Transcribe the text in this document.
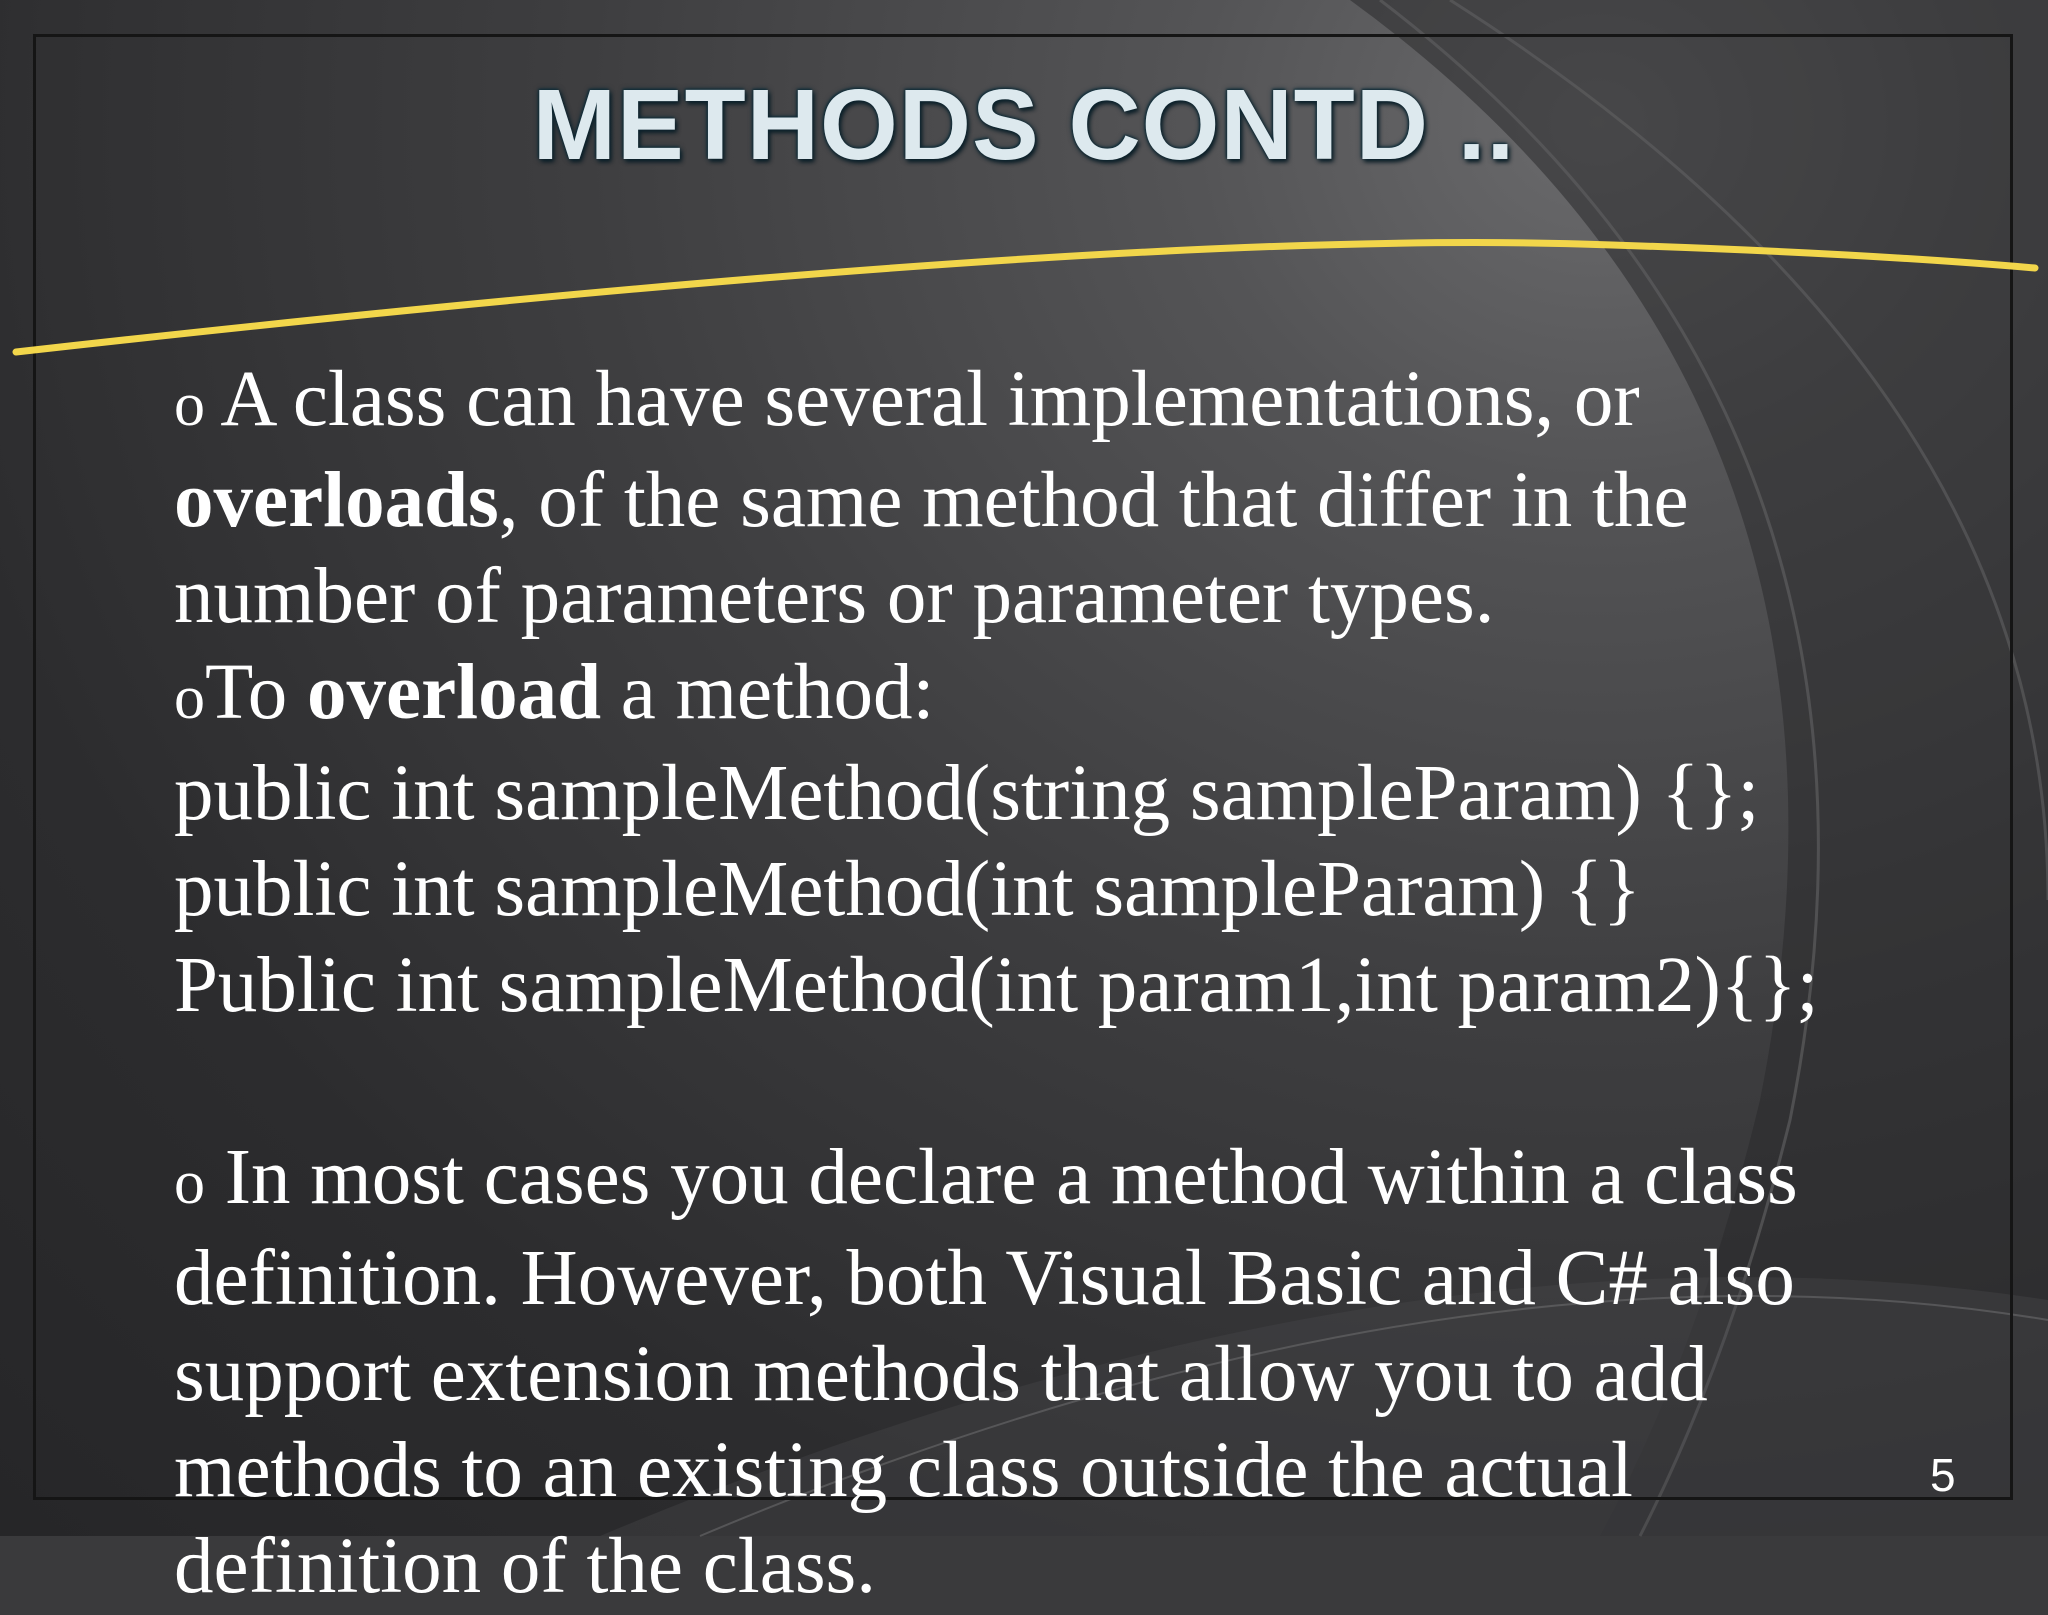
METHODS CONTD ..
o A class can have several implementations, or
overloads, of the same method that differ in the
number of parameters or parameter types.
oTo overload a method:
public int sampleMethod(string sampleParam) {};
public int sampleMethod(int sampleParam) {}
Public int sampleMethod(int param1,int param2){};
o In most cases you declare a method within a class
definition. However, both Visual Basic and C# also
support extension methods that allow you to add
methods to an existing class outside the actual
definition of the class.
5
